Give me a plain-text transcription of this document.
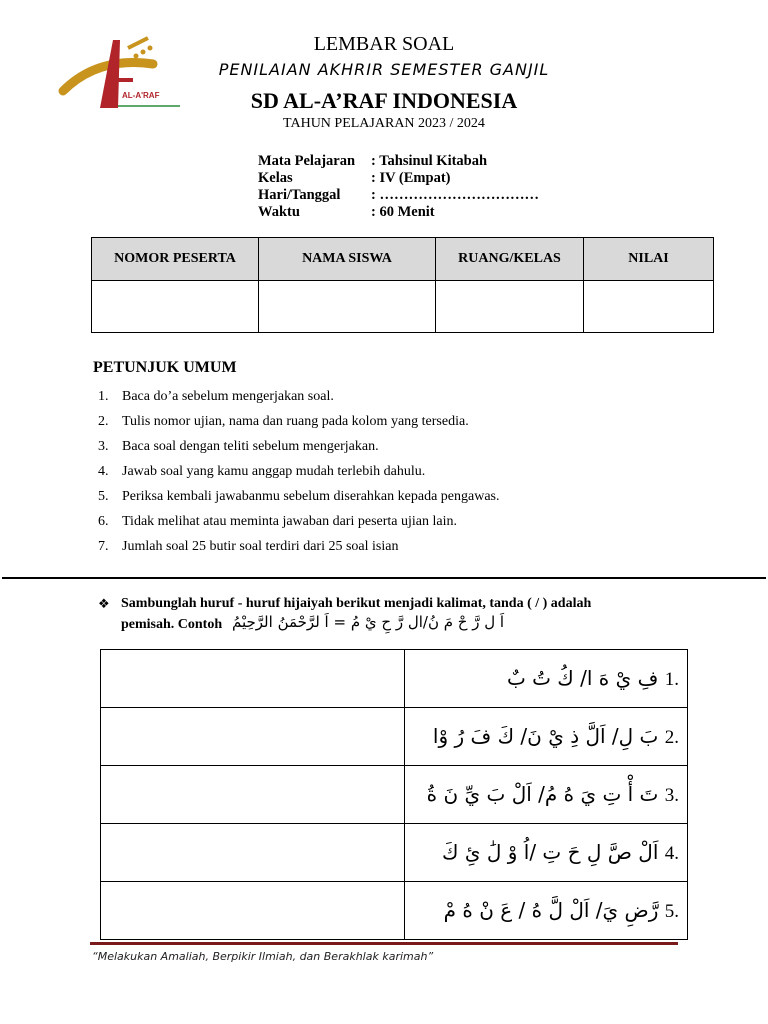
AL-A'RAF
LEMBAR SOAL
PENILAIAN AKHRIR SEMESTER GANJIL
SD AL-A’RAF INDONESIA
TAHUN PELAJARAN 2023 / 2024
Mata Pelajaran : Tahsinul Kitabah
Kelas	: IV (Empat)
Hari/Tanggal : ……………………………
Waktu	: 60 Menit
NOMOR PESERTA	NAMA SISWA	RUANG/KELAS	NILAI

PETUNJUK UMUM
1. Baca do’a sebelum mengerjakan soal.
2. Tulis nomor ujian, nama dan ruang pada kolom yang tersedia.
3. Baca soal dengan teliti sebelum mengerjakan.
4. Jawab soal yang kamu anggap mudah terlebih dahulu.
5. Periksa kembali jawabanmu sebelum diserahkan kepada pengawas.
6. Tidak melihat atau meminta jawaban dari peserta ujian lain.
7. Jumlah soal 25 butir soal terdiri dari 25 soal isian
❖ Sambunglah huruf - huruf hijaiyah berikut menjadi kalimat, tanda ( / ) adalah
pemisah. Contoh اَ ل رَّ حْ مَ نُ/ال رَّ حِ يْ مُ = اَ لرَّحْمَنُ الرَّحِيْمُ
	فِ يْ هَ ا/ كُ تُ بٌ 1.
	بَ لِ/ اَلَّ ذِ يْ نَ/ كَ فَ رُ وْا 2.
	تَ أْ تِ يَ هُ مُ/ اَلْ بَ يِّ نَ ةُ 3.
	اَلْ صَّ لِ حَ تِ /اُ وْ لَٰ ئِ كَ 4.
	رَّضِ يَ/ اَلْ لَّ هُ / عَ نْ هُ مْ 5.
“Melakukan Amaliah, Berpikir Ilmiah, dan Berakhlak karimah”
